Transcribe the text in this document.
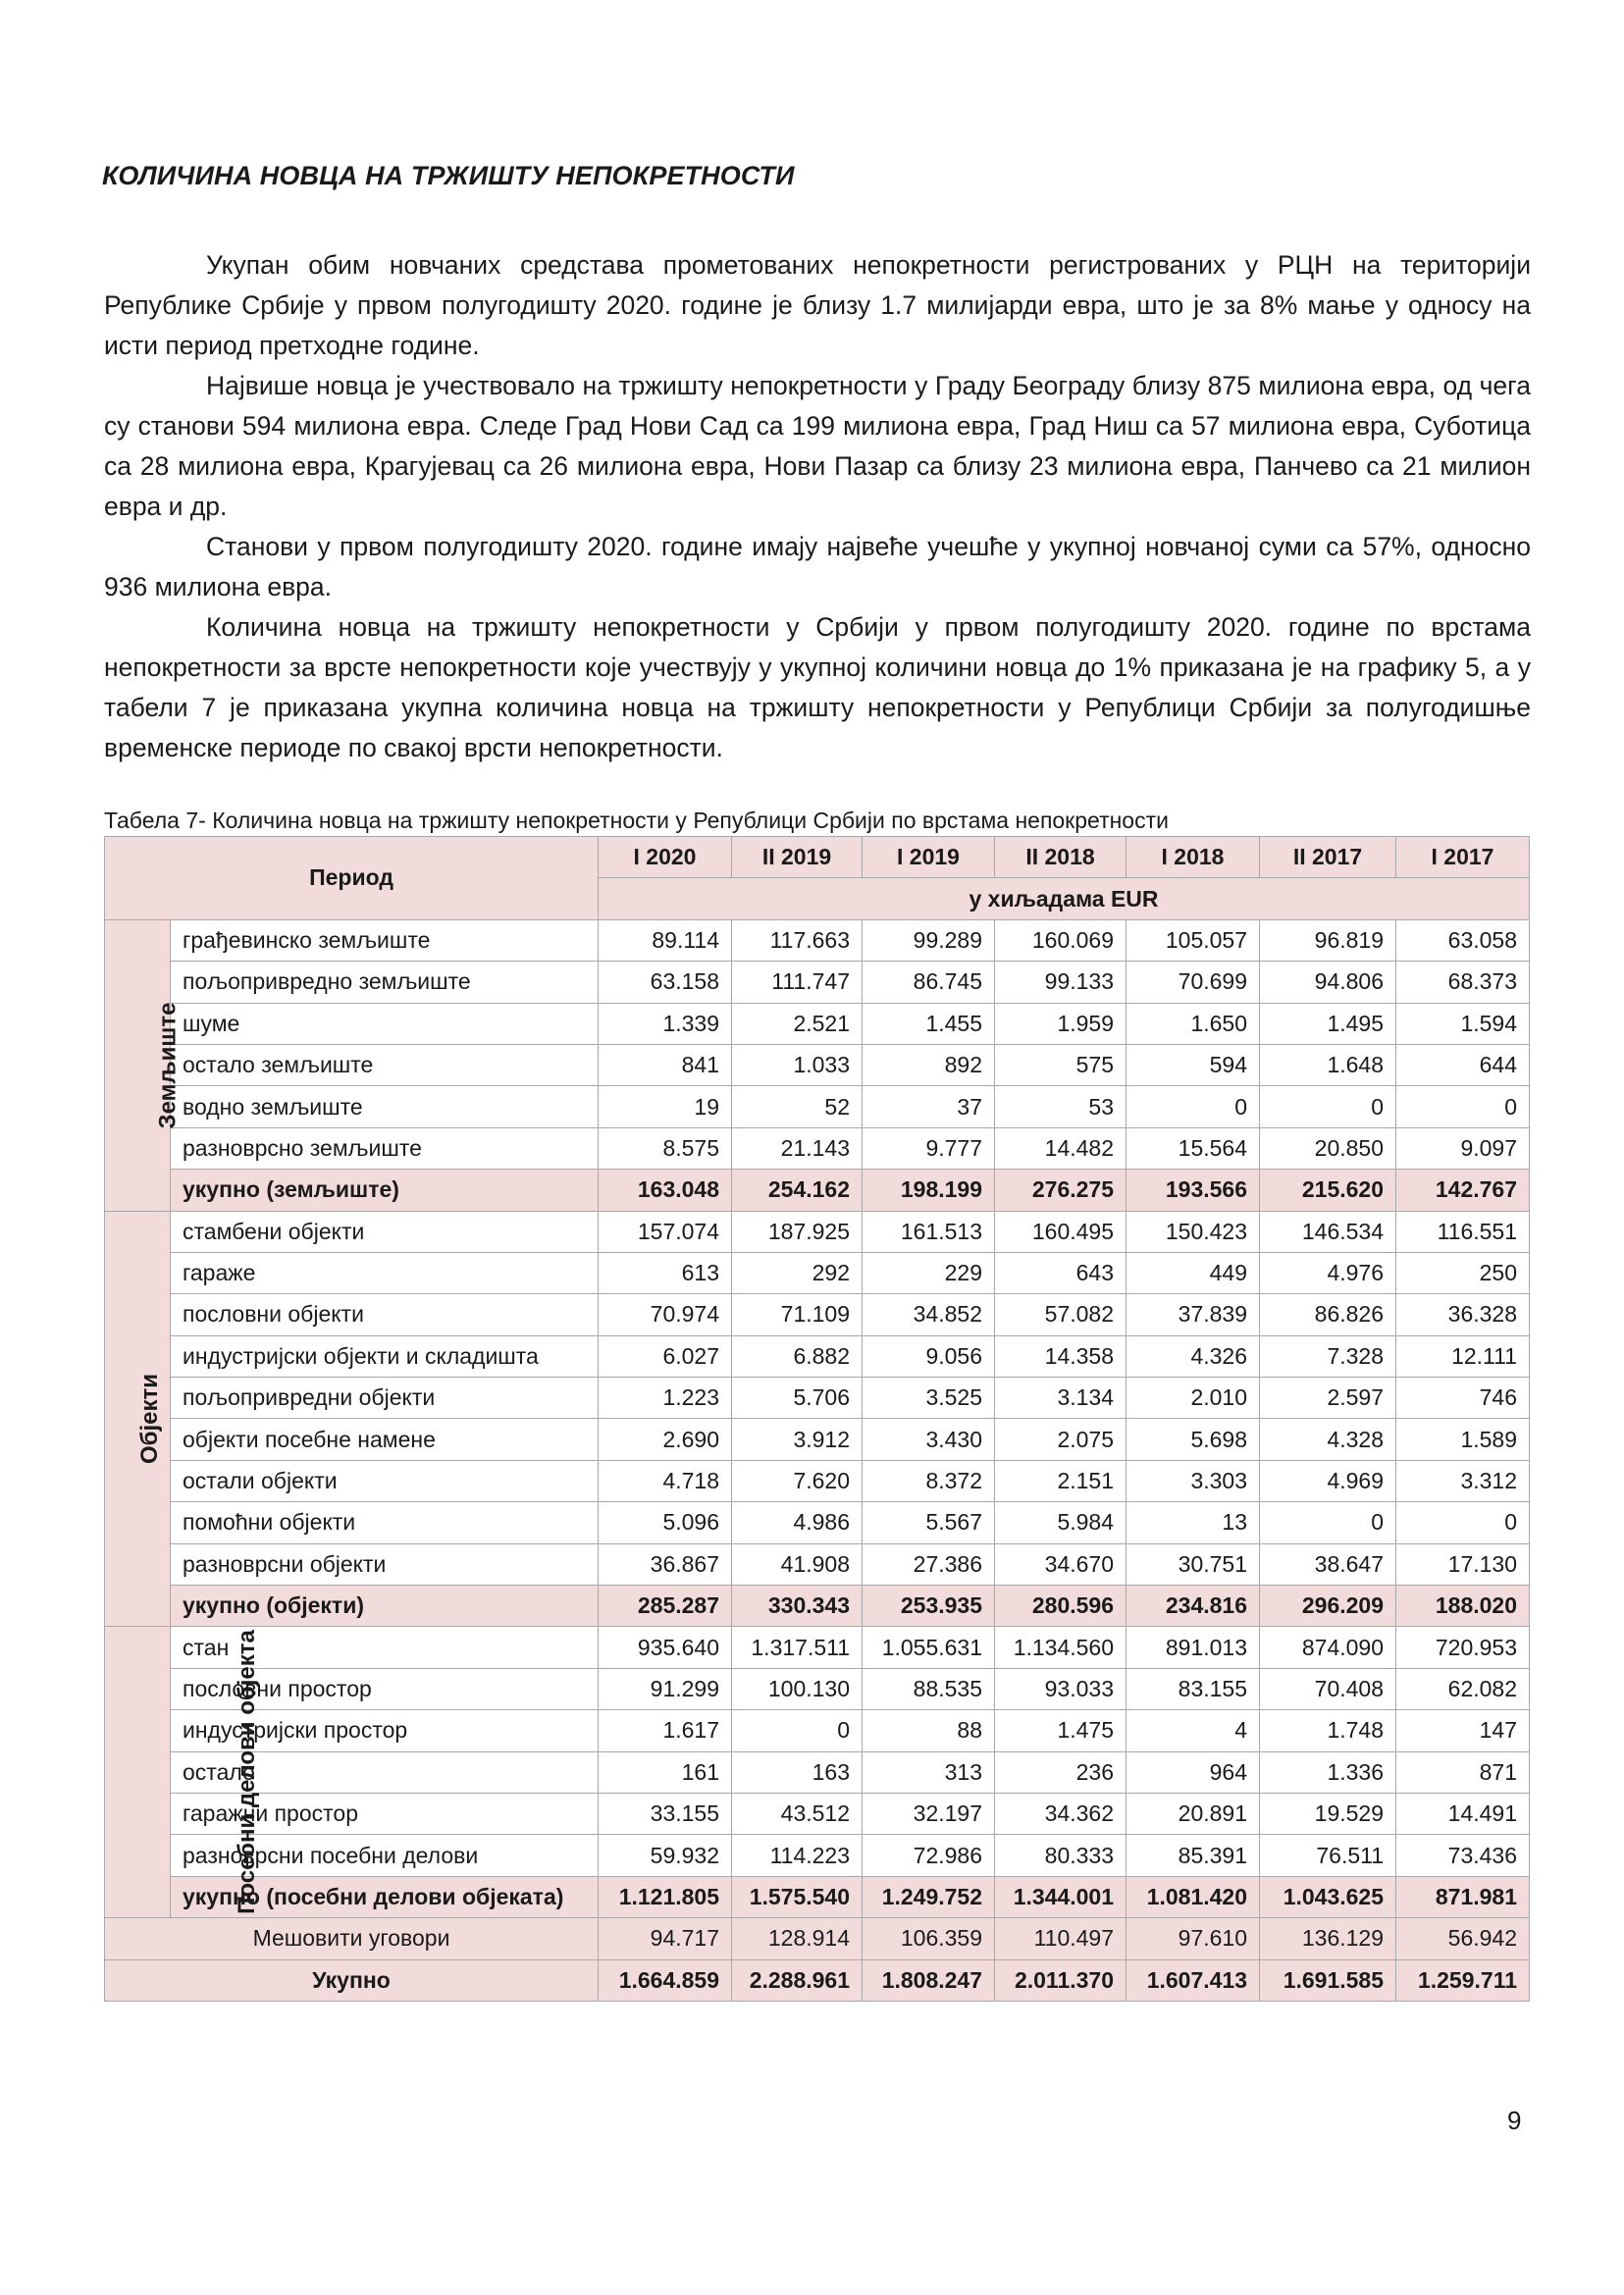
КОЛИЧИНА НОВЦА НА ТРЖИШТУ НЕПОКРЕТНОСТИ

Укупан обим новчаних средстава прометованих непокретности регистрованих у РЦН на територији Републике Србије у првом полугодишту 2020. године је близу 1.7 милијарди евра, што је за 8% мање у односу на исти период претходне године.

Највише новца је учествовало на тржишту непокретности у Граду Београду близу 875 милиона евра, од чега су станови 594 милиона евра. Следе Град Нови Сад са 199 милиона евра, Град Ниш са 57 милиона евра, Суботица са 28 милиона евра, Крагујевац са 26 милиона евра, Нови Пазар са близу 23 милиона евра, Панчево са 21 милион евра и др.

Станови у првом полугодишту 2020. године имају највеће учешће у укупној новчаној суми са 57%, односно 936 милиона евра.

Количина новца на тржишту непокретности у Србији у првом полугодишту 2020. године по врстама непокретности за врсте непокретности које учествују у укупној количини новца до 1% приказана је на графику 5, а у табели 7 је приказана укупна количина новца на тржишту непокретности у Републици Србији за полугодишње временске периоде по свакој врсти непокретности.

Табела 7- Количина новца на тржишту непокретности у Републици Србији по врстама непокретности
Период		I 2020	II 2019	I 2019	II 2018	I 2018	II 2017	I 2017
		у хиљадама EUR						
Земљиште	грађевинско земљиште	89.114	117.663	99.289	160.069	105.057	96.819	63.058
	пољопривредно земљиште	63.158	111.747	86.745	99.133	70.699	94.806	68.373
	шуме	1.339	2.521	1.455	1.959	1.650	1.495	1.594
	остало земљиште	841	1.033	892	575	594	1.648	644
	водно земљиште	19	52	37	53	0	0	0
	разноврсно земљиште	8.575	21.143	9.777	14.482	15.564	20.850	9.097
	укупно (земљиште)	163.048	254.162	198.199	276.275	193.566	215.620	142.767
Објекти	стамбени објекти	157.074	187.925	161.513	160.495	150.423	146.534	116.551
	гараже	613	292	229	643	449	4.976	250
	пословни објекти	70.974	71.109	34.852	57.082	37.839	86.826	36.328
	индустријски објекти и складишта	6.027	6.882	9.056	14.358	4.326	7.328	12.111
	пољопривредни објекти	1.223	5.706	3.525	3.134	2.010	2.597	746
	објекти посебне намене	2.690	3.912	3.430	2.075	5.698	4.328	1.589
	остали објекти	4.718	7.620	8.372	2.151	3.303	4.969	3.312
	помоћни објекти	5.096	4.986	5.567	5.984	13	0	0
	разноврсни објекти	36.867	41.908	27.386	34.670	30.751	38.647	17.130
	укупно (објекти)	285.287	330.343	253.935	280.596	234.816	296.209	188.020
Посебни делови објекта	стан	935.640	1.317.511	1.055.631	1.134.560	891.013	874.090	720.953
	пословни простор	91.299	100.130	88.535	93.033	83.155	70.408	62.082
	индустријски простор	1.617	0	88	1.475	4	1.748	147
	остало	161	163	313	236	964	1.336	871
	гаражни простор	33.155	43.512	32.197	34.362	20.891	19.529	14.491
	разноврсни посебни делови	59.932	114.223	72.986	80.333	85.391	76.511	73.436
	укупно (посебни делови објеката)	1.121.805	1.575.540	1.249.752	1.344.001	1.081.420	1.043.625	871.981
Мешовити уговори		94.717	128.914	106.359	110.497	97.610	136.129	56.942
Укупно		1.664.859	2.288.961	1.808.247	2.011.370	1.607.413	1.691.585	1.259.711
9
